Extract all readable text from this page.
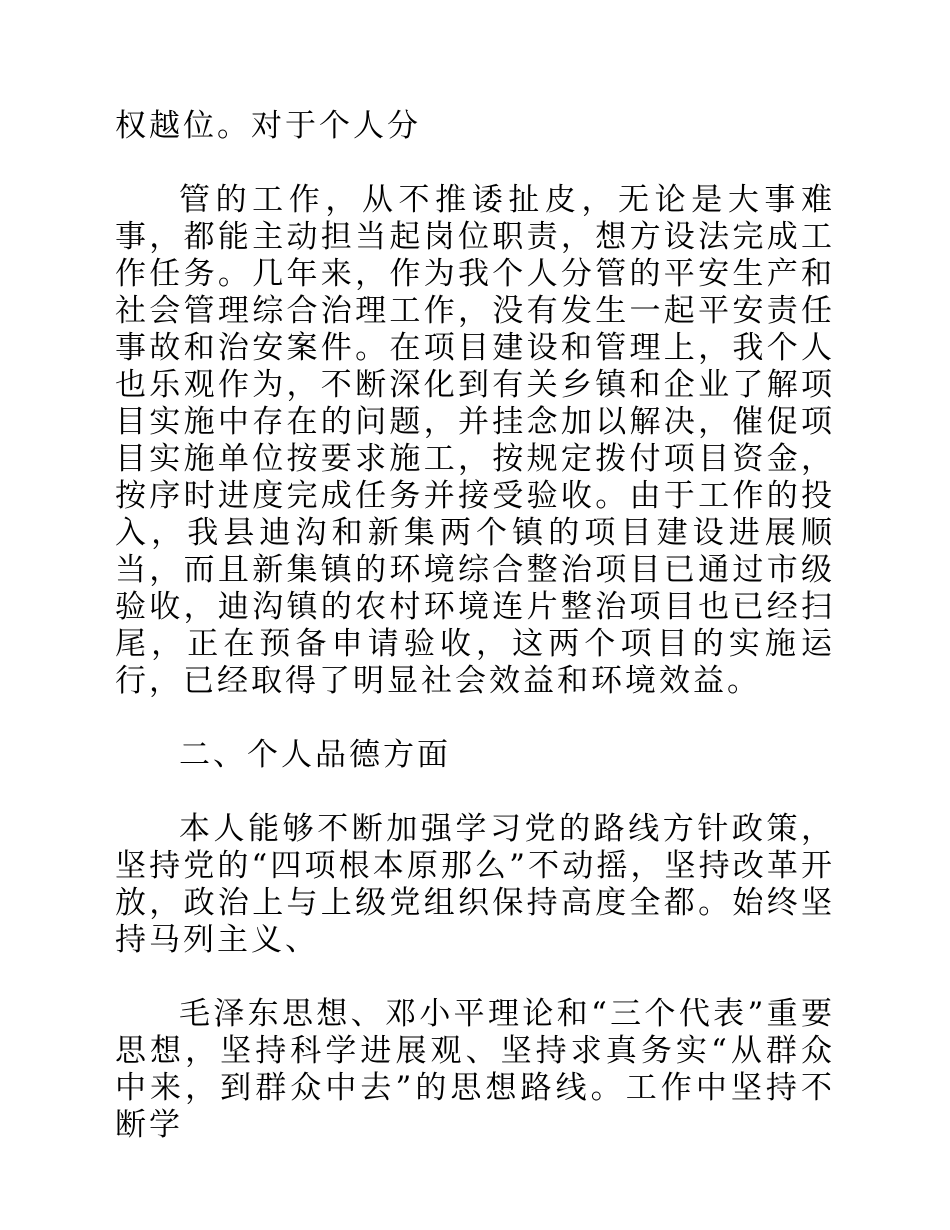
权越位。对于个人分

管的工作，从不推诿扯皮，无论是大事难事，都能主动担当起岗位职责，想方设法完成工作任务。几年来，作为我个人分管的平安生产和社会管理综合治理工作，没有发生一起平安责任事故和治安案件。在项目建设和管理上，我个人也乐观作为，不断深化到有关乡镇和企业了解项目实施中存在的问题，并挂念加以解决，催促项目实施单位按要求施工，按规定拨付项目资金，按序时进度完成任务并接受验收。由于工作的投入，我县迪沟和新集两个镇的项目建设进展顺当，而且新集镇的环境综合整治项目已通过市级验收，迪沟镇的农村环境连片整治项目也已经扫尾，正在预备申请验收，这两个项目的实施运行，已经取得了明显社会效益和环境效益。

二、个人品德方面

本人能够不断加强学习党的路线方针政策，坚持党的“四项根本原那么”不动摇，坚持改革开放，政治上与上级党组织保持高度全都。始终坚持马列主义、

毛泽东思想、邓小平理论和“三个代表”重要思想，坚持科学进展观、坚持求真务实“从群众中来，到群众中去”的思想路线。工作中坚持不断学
